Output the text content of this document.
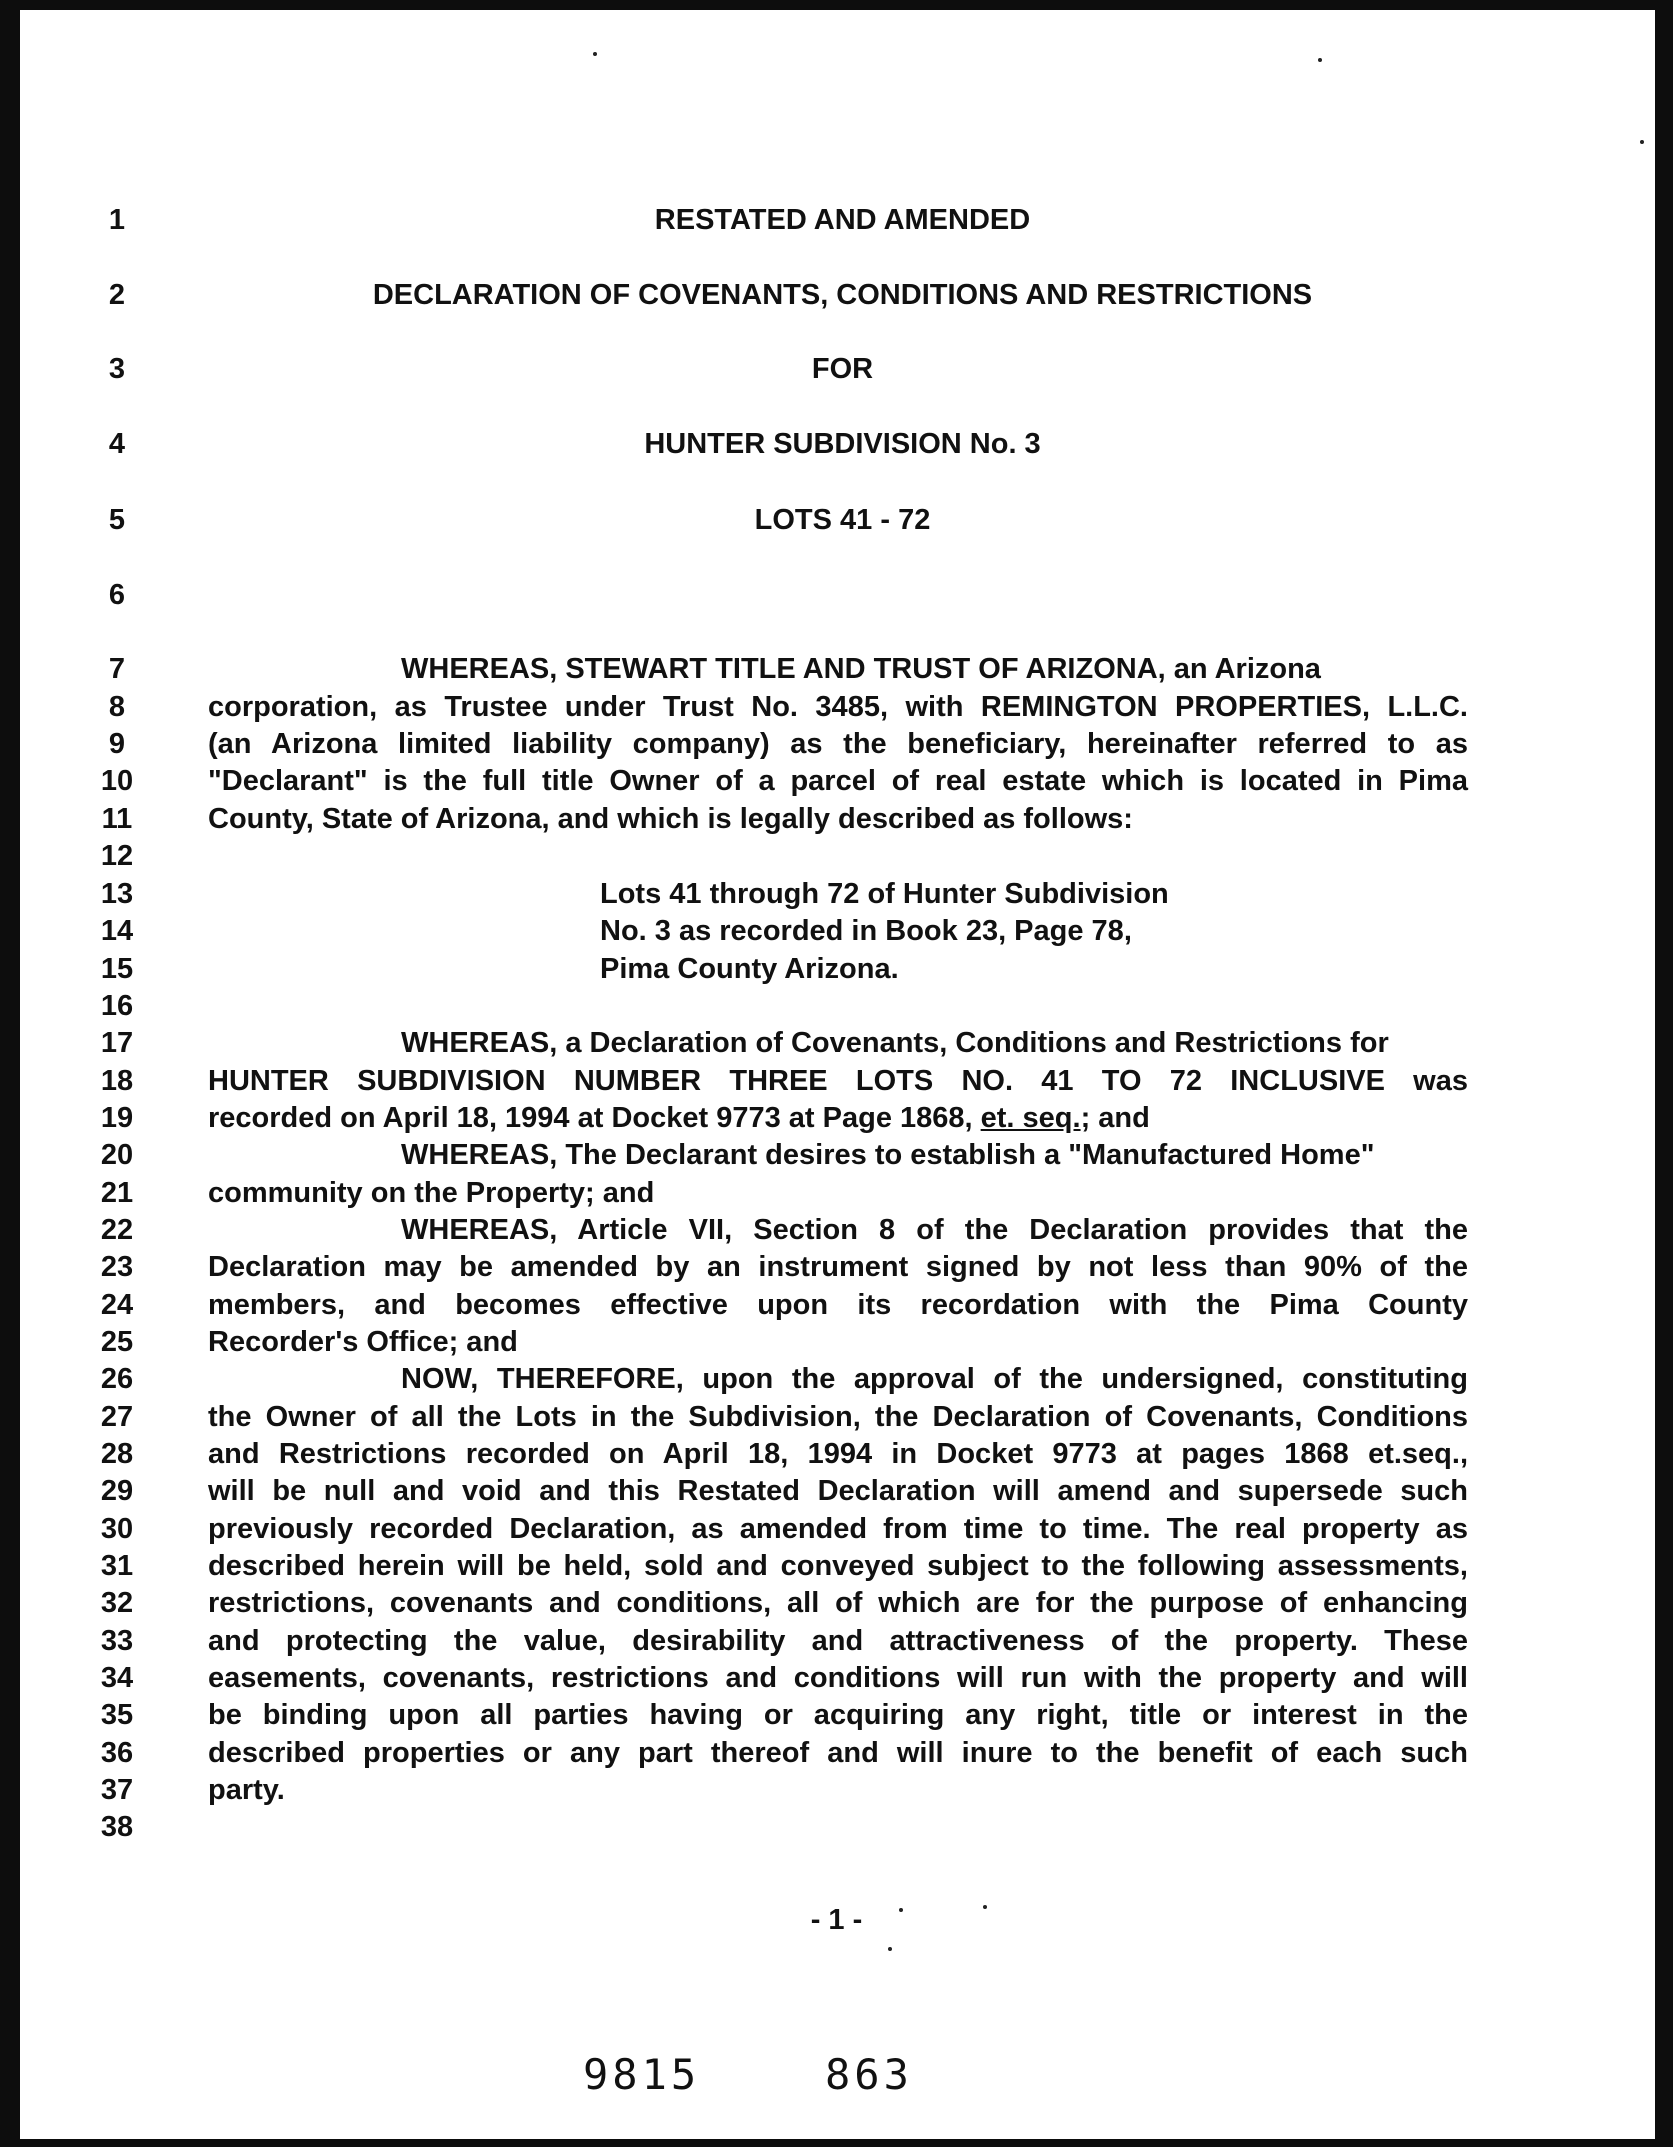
1
2
3
4
5
6
7
8
9
10
11
12
13
14
15
16
17
18
19
20
21
22
23
24
25
26
27
28
29
30
31
32
33
34
35
36
37
38
RESTATED AND AMENDED
DECLARATION OF COVENANTS, CONDITIONS AND RESTRICTIONS
FOR
HUNTER SUBDIVISION No. 3
LOTS 41 - 72
WHEREAS, STEWART TITLE AND TRUST OF ARIZONA, an Arizona
corporation, as Trustee under Trust No. 3485, with REMINGTON PROPERTIES, L.L.C.
(an Arizona limited liability company) as the beneficiary, hereinafter referred to as
"Declarant" is the full title Owner of a parcel of real estate which is located in Pima
County, State of Arizona, and which is legally described as follows:
Lots 41 through 72 of Hunter Subdivision
No. 3 as recorded in Book 23, Page 78,
Pima County Arizona.
WHEREAS, a Declaration of Covenants, Conditions and Restrictions for
HUNTER SUBDIVISION NUMBER THREE LOTS NO. 41 TO 72 INCLUSIVE was
recorded on April 18, 1994 at Docket 9773 at Page 1868, et. seq.; and
WHEREAS, The Declarant desires to establish a "Manufactured Home"
community on the Property; and
WHEREAS, Article VII, Section 8 of the Declaration provides that the
Declaration may be amended by an instrument signed by not less than 90% of the
members, and becomes effective upon its recordation with the Pima County
Recorder's Office; and
NOW, THEREFORE, upon the approval of the undersigned, constituting
the Owner of all the Lots in the Subdivision, the Declaration of Covenants, Conditions
and Restrictions recorded on April 18, 1994 in Docket 9773 at pages 1868 et.seq.,
will be null and void and this Restated Declaration will amend and supersede such
previously recorded Declaration, as amended from time to time. The real property as
described herein will be held, sold and conveyed subject to the following assessments,
restrictions, covenants and conditions, all of which are for the purpose of enhancing
and protecting the value, desirability and attractiveness of the property. These
easements, covenants, restrictions and conditions will run with the property and will
be binding upon all parties having or acquiring any right, title or interest in the
described properties or any part thereof and will inure to the benefit of each such
party.
- 1 -
9815	863
